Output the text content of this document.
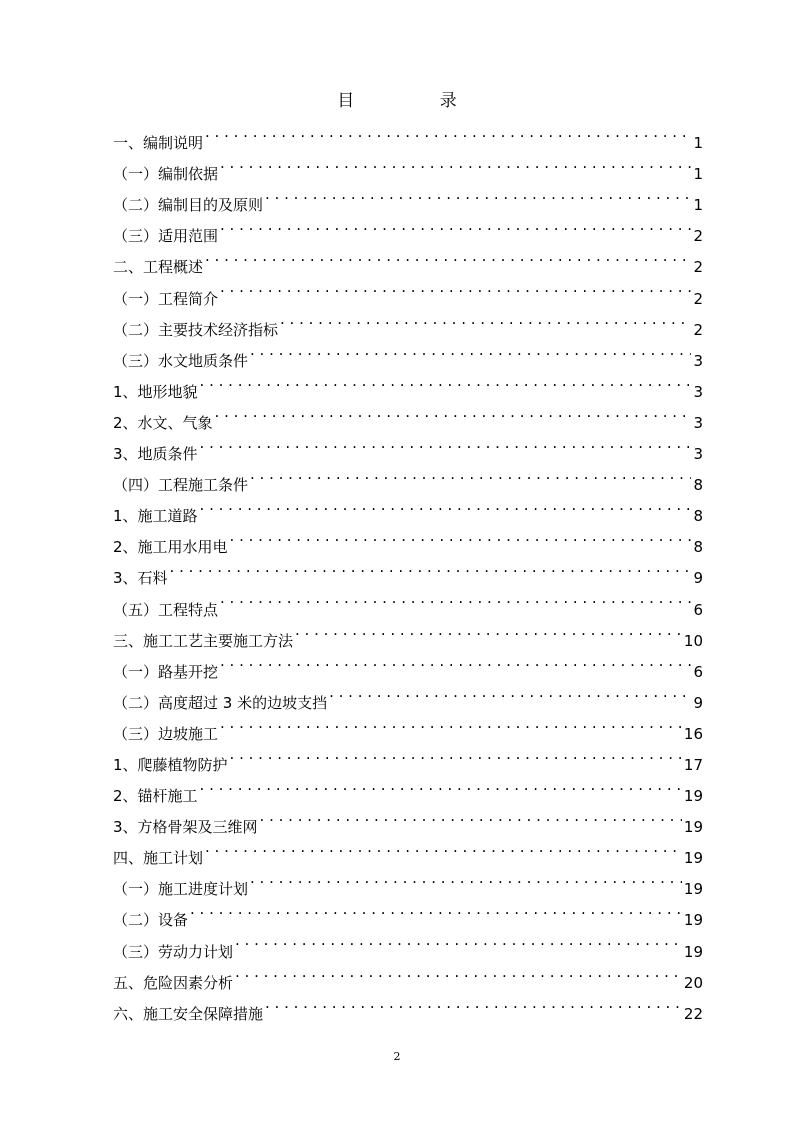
目 录
一、编制说明 . . .	1
（一）编制依据 . . .	1
（二）编制目的及原则 . . .	1
（三）适用范围 . . .	2
二、工程概述 . . .	2
（一）工程简介 . . .	2
（二）主要技术经济指标 . . .	2
（三）水文地质条件 . . .	3
1、地形地貌 . . .	3
2、水文、气象 . . .	3
3、地质条件 . . .	3
（四）工程施工条件 . . .	8
1、施工道路 . . .	8
2、施工用水用电 . . .	8
3、石料 . . .	9
（五）工程特点 . . .	6
三、施工工艺主要施工方法 . . .	10
（一）路基开挖 . . .	6
（二）高度超过 3 米的边坡支挡 . . .	9
（三）边坡施工 . . .	16
1、爬藤植物防护 . . .	17
2、锚杆施工 . . .	19
3、方格骨架及三维网 . . .	19
四、施工计划 . . .	19
（一）施工进度计划 . . .	19
（二）设备 . . .	19
（三）劳动力计划 . . .	19
五、危险因素分析 . . .	20
六、施工安全保障措施 . . .	22
2
